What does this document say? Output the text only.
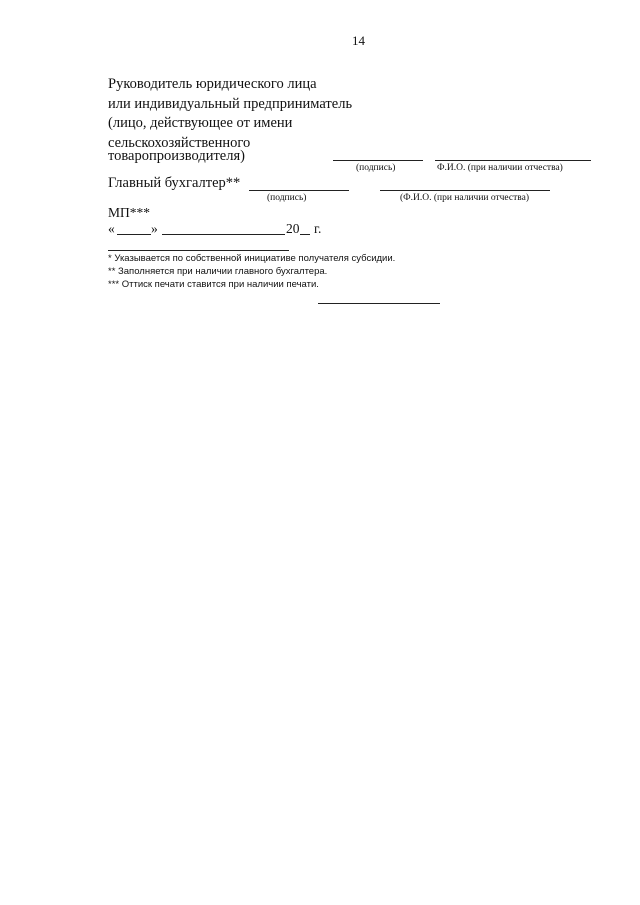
14
Руководитель юридического лица
или индивидуальный предприниматель
(лицо, действующее от имени
сельскохозяйственного
товаропроизводителя)
(подпись)	Ф.И.О. (при наличии отчества)
Главный бухгалтер**
(подпись)	(Ф.И.О. (при наличии отчества)
МП***
«	»	20 г.
* Указывается по собственной инициативе получателя субсидии.
** Заполняется при наличии главного бухгалтера.
*** Оттиск печати ставится при наличии печати.
